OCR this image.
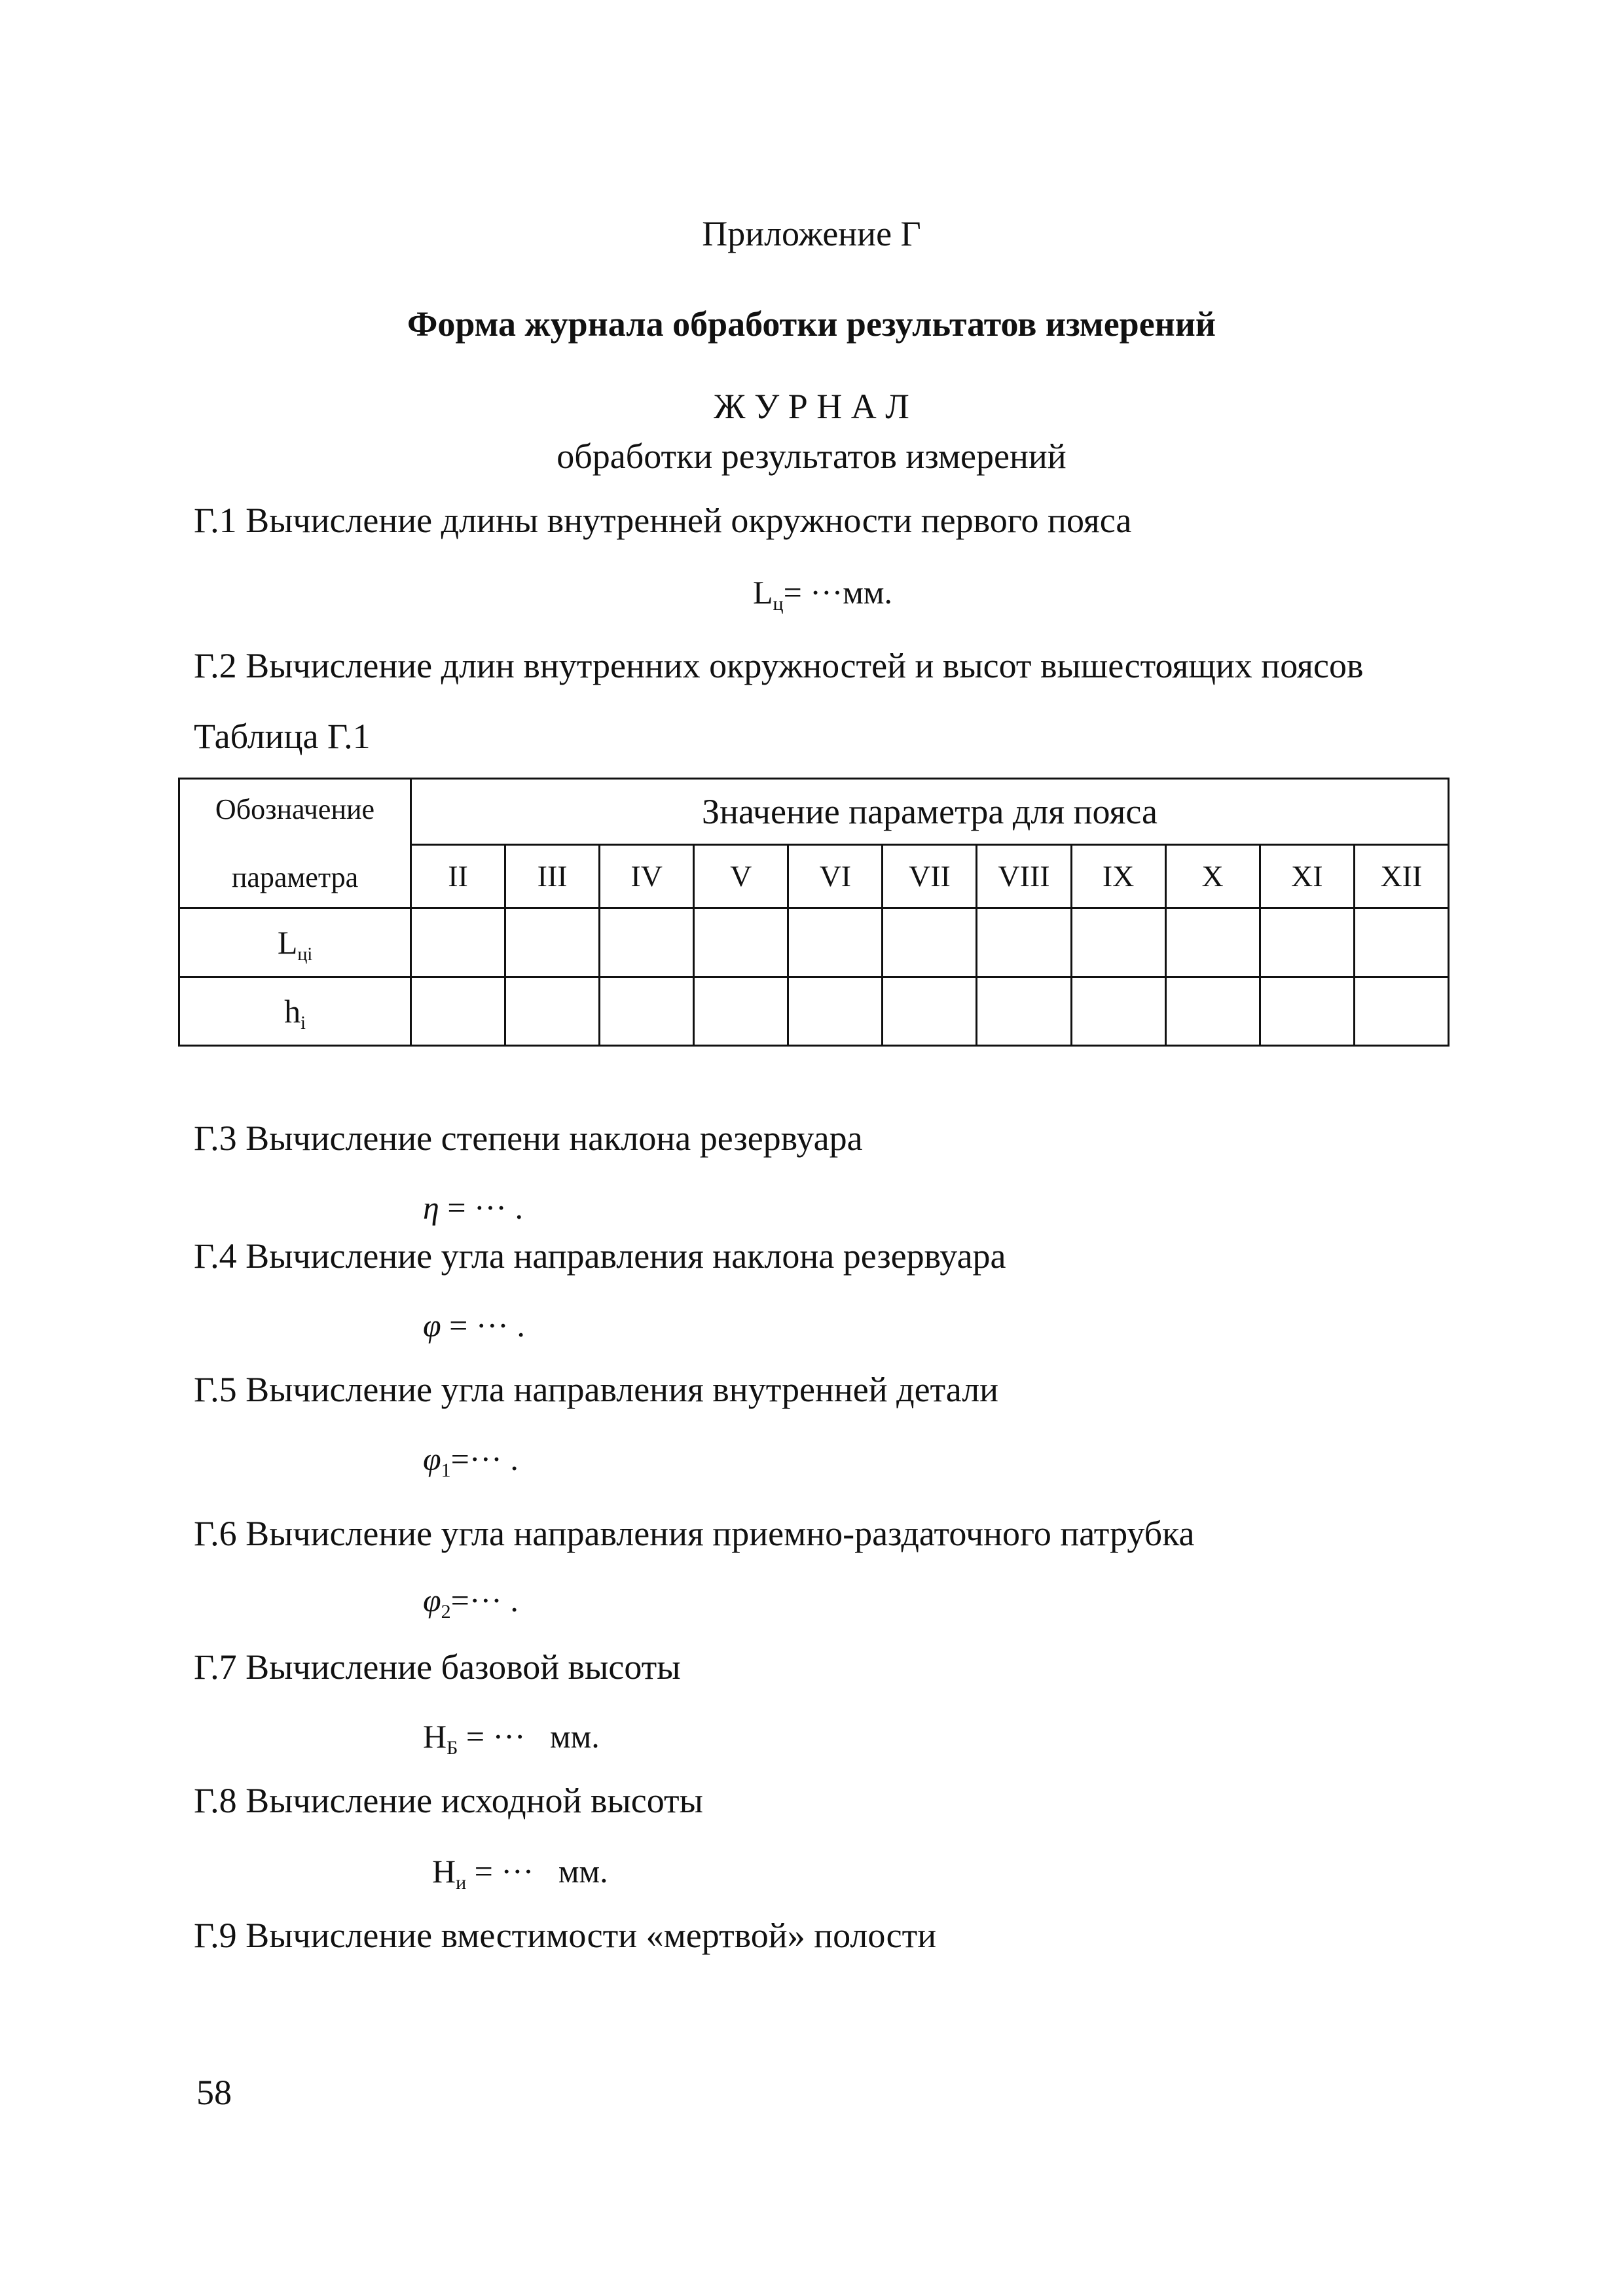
Приложение Г
Форма журнала обработки результатов измерений
Ж У Р Н А Л
обработки результатов измерений
Г.1 Вычисление длины внутренней окружности первого пояса
$L_ц= \cdot\cdot\cdot мм$.
Г.2 Вычисление длин внутренних окружностей и высот вышестоящих поясов
Таблица Г.1
Обозначение
параметра	Значение параметра для пояса										
	II	III	IV	V	VI	VII	VIII	IX	X	XI	XII
$L_{цi}$											
$h_i$											
Г.3 Вычисление степени наклона резервуара
η = ··· .
Г.4 Вычисление угла направления наклона резервуара
φ = ··· .
Г.5 Вычисление угла направления внутренней детали
$\varphi_1=\cdot\cdot\cdot$ .
Г.6 Вычисление угла направления приемно-раздаточного патрубка
$\varphi_2=\cdot\cdot\cdot$ .
Г.7 Вычисление базовой высоты
$H_Б$ = ···   мм.
Г.8 Вычисление исходной высоты
$H_и$ = ···   мм.
Г.9 Вычисление вместимости «мертвой» полости
58
